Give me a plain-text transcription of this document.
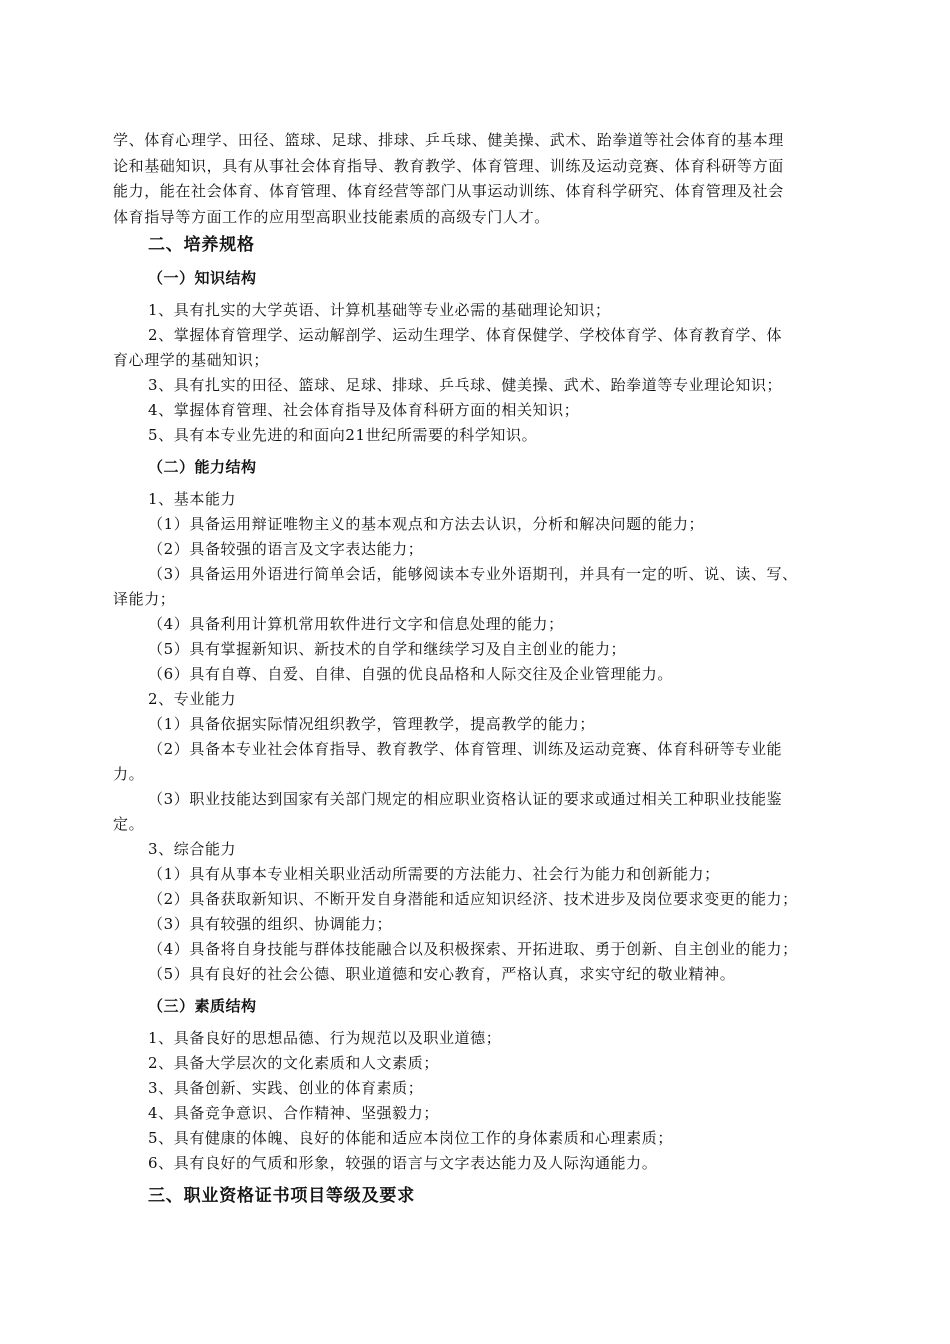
学、体育心理学、田径、篮球、足球、排球、乒乓球、健美操、武术、跆拳道等社会体育的基本理
论和基础知识，具有从事社会体育指导、教育教学、体育管理、训练及运动竞赛、体育科研等方面
能力，能在社会体育、体育管理、体育经营等部门从事运动训练、体育科学研究、体育管理及社会
体育指导等方面工作的应用型高职业技能素质的高级专门人才。
二、培养规格
（一）知识结构
1、具有扎实的大学英语、计算机基础等专业必需的基础理论知识；
2、掌握体育管理学、运动解剖学、运动生理学、体育保健学、学校体育学、体育教育学、体
育心理学的基础知识；
3、具有扎实的田径、篮球、足球、排球、乒乓球、健美操、武术、跆拳道等专业理论知识；
4、掌握体育管理、社会体育指导及体育科研方面的相关知识；
5、具有本专业先进的和面向21世纪所需要的科学知识。
（二）能力结构
1、基本能力
（1）具备运用辩证唯物主义的基本观点和方法去认识，分析和解决问题的能力；
（2）具备较强的语言及文字表达能力；
（3）具备运用外语进行简单会话，能够阅读本专业外语期刊，并具有一定的听、说、读、写、
译能力；
（4）具备利用计算机常用软件进行文字和信息处理的能力；
（5）具有掌握新知识、新技术的自学和继续学习及自主创业的能力；
（6）具有自尊、自爱、自律、自强的优良品格和人际交往及企业管理能力。
2、专业能力
（1）具备依据实际情况组织教学，管理教学，提高教学的能力；
（2）具备本专业社会体育指导、教育教学、体育管理、训练及运动竞赛、体育科研等专业能
力。
（3）职业技能达到国家有关部门规定的相应职业资格认证的要求或通过相关工种职业技能鉴
定。
3、综合能力
（1）具有从事本专业相关职业活动所需要的方法能力、社会行为能力和创新能力；
（2）具备获取新知识、不断开发自身潜能和适应知识经济、技术进步及岗位要求变更的能力；
（3）具有较强的组织、协调能力；
（4）具备将自身技能与群体技能融合以及积极探索、开拓进取、勇于创新、自主创业的能力；
（5）具有良好的社会公德、职业道德和安心教育，严格认真，求实守纪的敬业精神。
（三）素质结构
1、具备良好的思想品德、行为规范以及职业道德；
2、具备大学层次的文化素质和人文素质；
3、具备创新、实践、创业的体育素质；
4、具备竞争意识、合作精神、坚强毅力；
5、具有健康的体魄、良好的体能和适应本岗位工作的身体素质和心理素质；
6、具有良好的气质和形象，较强的语言与文字表达能力及人际沟通能力。
三、职业资格证书项目等级及要求
